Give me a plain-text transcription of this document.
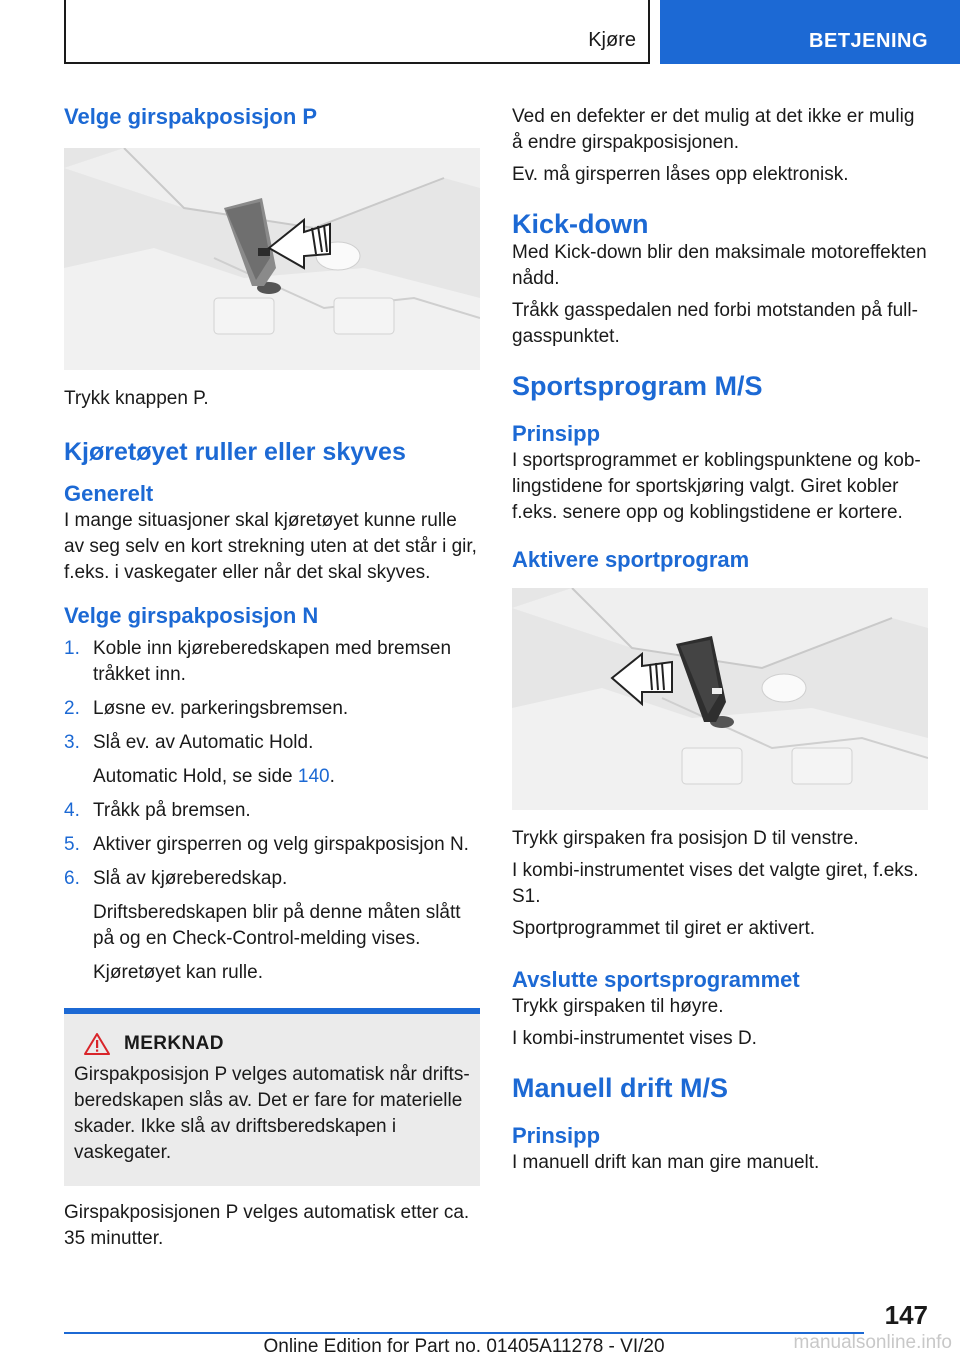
Kjøre	BETJENING
Velge girspakposisjon P

Trykk knappen P.

Kjøretøyet ruller eller skyves
Generelt

I mange situasjoner skal kjøretøyet kunne rulle av seg selv en kort strekning uten at det står i gir, f.eks. i vaskegater eller når det skal skyves.

Velge girspakposisjon N
1. Koble inn kjøreberedskapen med bremsen tråkket inn.
2. Løsne ev. parkeringsbremsen.
3. Slå ev. av Automatic Hold.
Automatic Hold, se side 140.
4. Tråkk på bremsen.
5. Aktiver girsperren og velg girspakposisjon N.
6. Slå av kjøreberedskap.
Driftsberedskapen blir på denne måten slått på og en Check-Control-melding vises.
Kjøretøyet kan rulle.
MERKNAD

Girspakposisjon P velges automatisk når driftsberedskapen slås av. Det er fare for materielle skader. Ikke slå av driftsberedskapen i vaskegater.

Girspakposisjonen P velges automatisk etter ca. 35 minutter.

Ved en defekter er det mulig at det ikke er mulig å endre girspakposisjonen.

Ev. må girsperren låses opp elektronisk.

Kick-down

Med Kick-down blir den maksimale motoreffekten nådd.

Tråkk gasspedalen ned forbi motstanden på fullgasspunktet.

Sportsprogram M/S
Prinsipp

I sportsprogrammet er koblingspunktene og koblingstidene for sportskjøring valgt. Giret kobler f.eks. senere opp og koblingstidene er kortere.

Aktivere sportprogram

Trykk girspaken fra posisjon D til venstre.

I kombi-instrumentet vises det valgte giret, f.eks. S1.

Sportprogrammet til giret er aktivert.

Avslutte sportsprogrammet

Trykk girspaken til høyre.

I kombi-instrumentet vises D.

Manuell drift M/S
Prinsipp

I manuell drift kan man gire manuelt.

147
Online Edition for Part no. 01405A11278 - VI/20	manualsonline.info
